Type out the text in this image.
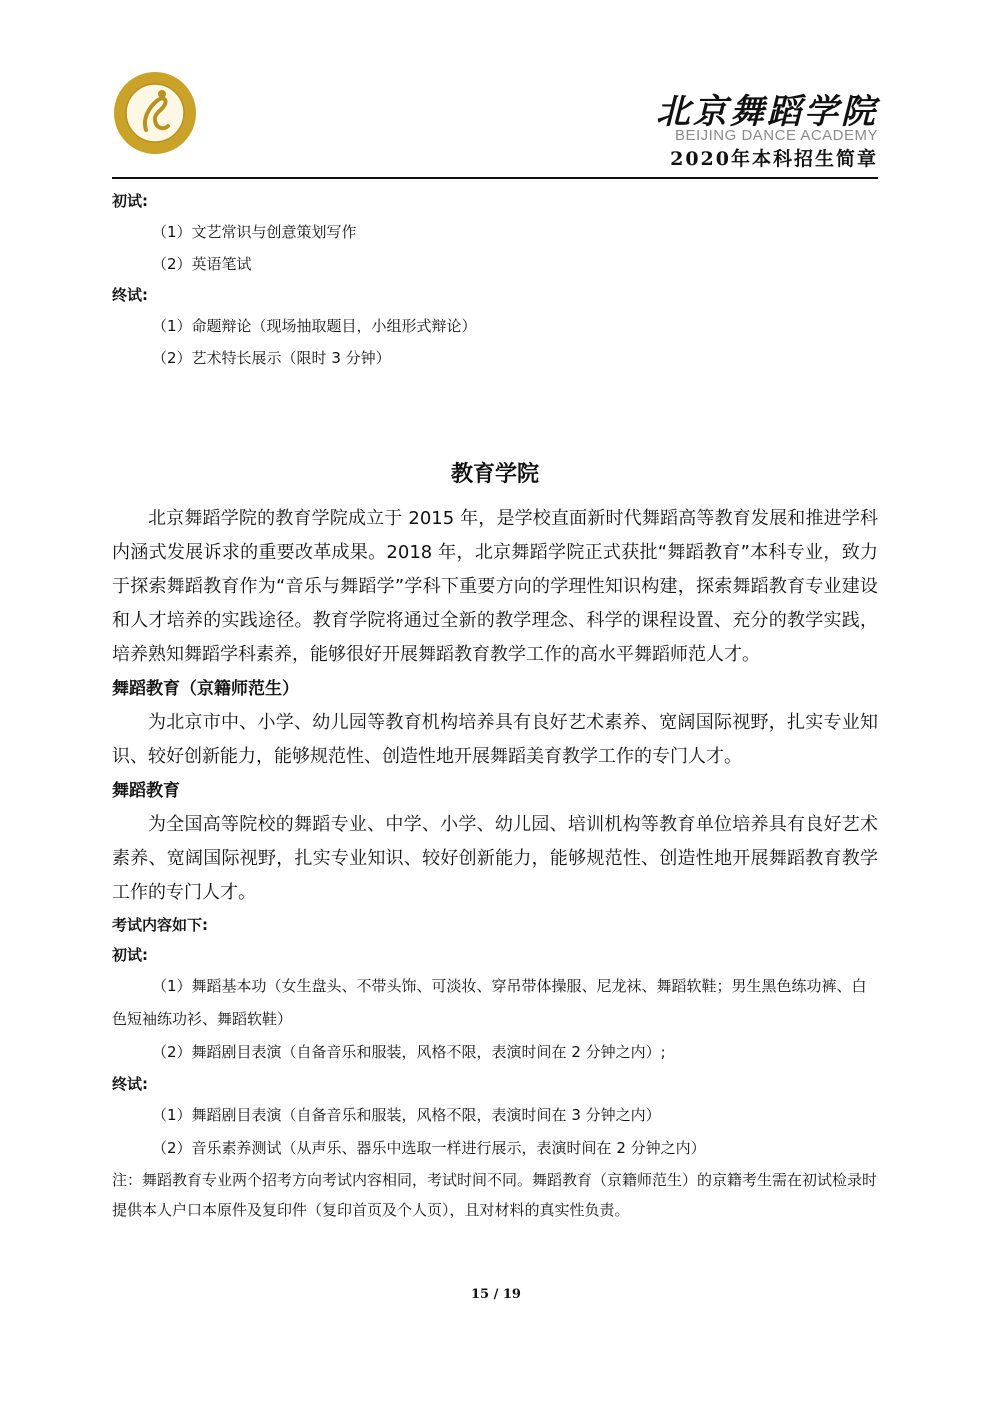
北京舞蹈学院
BEIJING DANCE ACADEMY
2020年本科招生简章
初试:
（1）文艺常识与创意策划写作
（2）英语笔试
终试:
（1）命题辩论（现场抽取题目，小组形式辩论）
（2）艺术特长展示（限时 3 分钟）
教育学院

北京舞蹈学院的教育学院成立于 2015 年，是学校直面新时代舞蹈高等教育发展和推进学科内涵式发展诉求的重要改革成果。2018 年，北京舞蹈学院正式获批“舞蹈教育”本科专业，致力于探索舞蹈教育作为“音乐与舞蹈学”学科下重要方向的学理性知识构建，探索舞蹈教育专业建设和人才培养的实践途径。教育学院将通过全新的教学理念、科学的课程设置、充分的教学实践，培养熟知舞蹈学科素养，能够很好开展舞蹈教育教学工作的高水平舞蹈师范人才。

舞蹈教育（京籍师范生）

为北京市中、小学、幼儿园等教育机构培养具有良好艺术素养、宽阔国际视野，扎实专业知识、较好创新能力，能够规范性、创造性地开展舞蹈美育教学工作的专门人才。

舞蹈教育

为全国高等院校的舞蹈专业、中学、小学、幼儿园、培训机构等教育单位培养具有良好艺术素养、宽阔国际视野，扎实专业知识、较好创新能力，能够规范性、创造性地开展舞蹈教育教学工作的专门人才。

考试内容如下:
初试:
（1）舞蹈基本功（女生盘头、不带头饰、可淡妆、穿吊带体操服、尼龙袜、舞蹈软鞋；男生黑色练功裤、白色短袖练功衫、舞蹈软鞋）
（2）舞蹈剧目表演（自备音乐和服装，风格不限，表演时间在 2 分钟之内）;
终试:
（1）舞蹈剧目表演（自备音乐和服装，风格不限，表演时间在 3 分钟之内）
（2）音乐素养测试（从声乐、器乐中选取一样进行展示，表演时间在 2 分钟之内）
注：舞蹈教育专业两个招考方向考试内容相同，考试时间不同。舞蹈教育（京籍师范生）的京籍考生需在初试检录时提供本人户口本原件及复印件（复印首页及个人页），且对材料的真实性负责。
15 / 19
